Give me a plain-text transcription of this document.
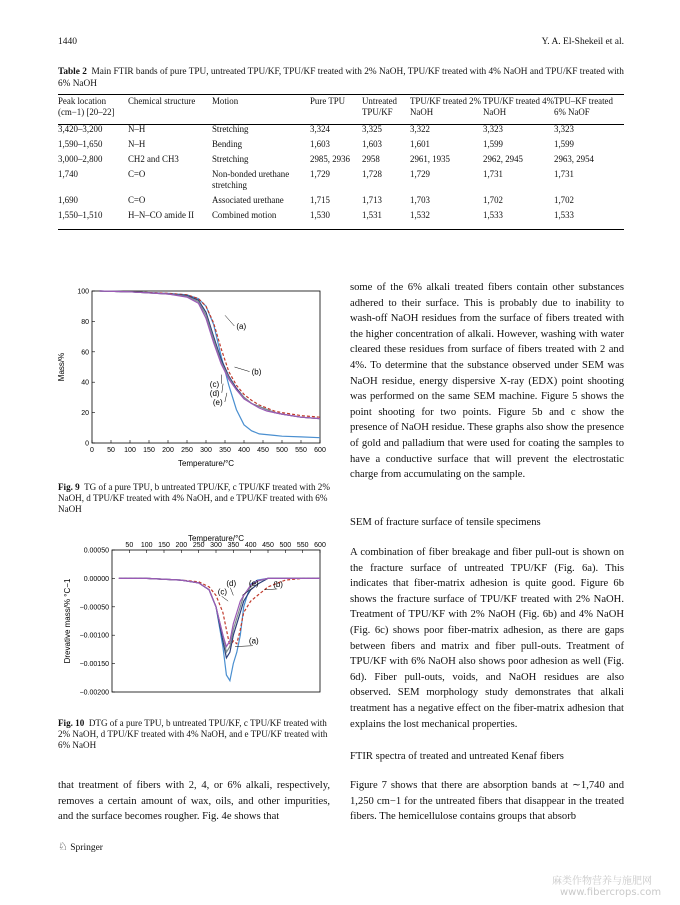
1440	Y. A. El-Shekeil et al.
Table 2 Main FTIR bands of pure TPU, untreated TPU/KF, TPU/KF treated with 2% NaOH, TPU/KF treated with 4% NaOH and TPU/KF treated with 6% NaOH
Peak location (cm−1) [20–22]	Chemical structure	Motion	Pure TPU	Untreated TPU/KF	TPU/KF treated 2% NaOH	TPU/KF treated 4% NaOH	TPU–KF treated 6% NaOF
3,420–3,200	N–H	Stretching	3,324	3,325	3,322	3,323	3,323
1,590–1,650	N–H	Bending	1,603	1,603	1,601	1,599	1,599
3,000–2,800	CH2 and CH3	Stretching	2985, 2936	2958	2961, 1935	2962, 2945	2963, 2954
1,740	C=O	Non-bonded urethane stretching	1,729	1,728	1,729	1,731	1,731
1,690	C=O	Associated urethane	1,715	1,713	1,703	1,702	1,702
1,550–1,510	H–N–CO amide II	Combined motion	1,530	1,531	1,532	1,533	1,533
0 50 100 150 200 250 300 350 400 450 500 550 600
0
20
40
60
80
100
Temperature/°C
Mass/%
(a)
(b)
(c)
(d)
(e)
Fig. 9 TG of a pure TPU, b untreated TPU/KF, c TPU/KF treated with 2% NaOH, d TPU/KF treated with 4% NaOH, and e TPU/KF treated with 6% NaOH
50 100 150 200 250 300 350 400 450 500 550 600
0.00050
0.00000
−0.00050
−0.00100
−0.00150
−0.00200
Temperature/°C
Drevative mass/% °C−1	(a)
(b)
(c)
(d) (e)
Fig. 10 DTG of a pure TPU, b untreated TPU/KF, c TPU/KF treated with 2% NaOH, d TPU/KF treated with 4% NaOH, and e TPU/KF treated with 6% NaOH

that treatment of fibers with 2, 4, or 6% alkali, respectively, removes a certain amount of wax, oils, and other impurities, and the surface becomes rougher. Fig. 4e shows that

some of the 6% alkali treated fibers contain other substances adhered to their surface. This is probably due to inability to wash-off NaOH residues from the surface of fibers treated with the higher concentration of alkali. However, washing with water cleared these residues from surface of fibers treated with 2 and 4%. To determine that the substance observed under SEM was NaOH residue, energy dispersive X-ray (EDX) point shooting was performed on the same SEM machine. Figure 5 shows the point shooting for two points. Figure 5b and c show the presence of NaOH residue. These graphs also show the presence of gold and palladium that were used for coating the samples to have a conductive surface that will prevent the electrostatic charge from accumulating on the sample.

SEM of fracture surface of tensile specimens

A combination of fiber breakage and fiber pull-out is shown on the fracture surface of untreated TPU/KF (Fig. 6a). This indicates that fiber-matrix adhesion is quite good. Figure 6b shows the fracture surface of TPU/KF treated with 2% NaOH. Treatment of TPU/KF with 2% NaOH (Fig. 6b) and 4% NaOH (Fig. 6c) shows poor fiber-matrix adhesion, as there are gaps between fibers and matrix and fiber pull-outs. Treatment of TPU/KF with 6% NaOH also shows poor adhesion as well (Fig. 6d). Fiber pull-outs, voids, and NaOH residues are also observed. SEM morphology study demonstrates that alkali treatment has a negative effect on the fiber-matrix adhesion that explains the lost mechanical properties.

FTIR spectra of treated and untreated Kenaf fibers

Figure 7 shows that there are absorption bands at ∼1,740 and 1,250 cm−1 for the untreated fibers that disappear in the treated fibers. The hemicellulose contains groups that absorb

♘ Springer
麻类作物营养与施肥网
www.fibercrops.com
